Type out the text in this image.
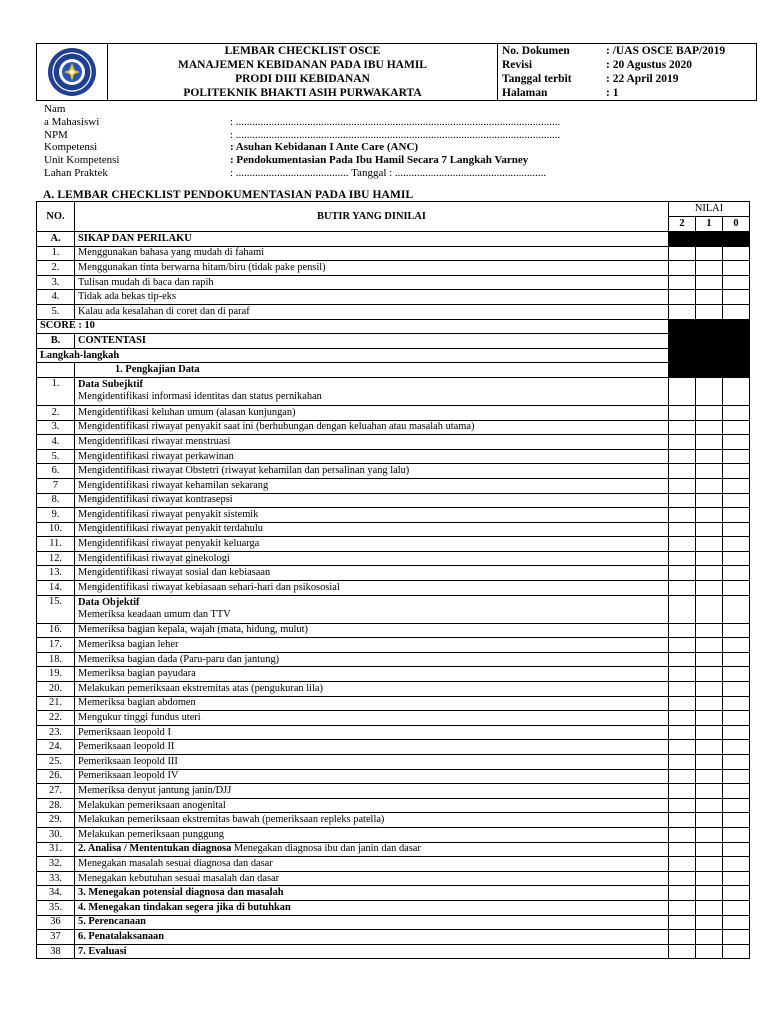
LEMBAR CHECKLIST OSCE
MANAJEMEN KEBIDANAN PADA IBU HAMIL
PRODI DIII KEBIDANAN
POLITEKNIK BHAKTI ASIH PURWAKARTA
No. Dokumen	: /UAS OSCE BAP/2019
Revisi	: 20 Agustus 2020
Tanggal terbit	: 22 April 2019
Halaman	: 1
Nam
a Mahasiswi	: ......................................................................................................................
NPM	: ......................................................................................................................
Kompetensi	: Asuhan Kebidanan I Ante Care (ANC)
Unit Kompetensi	: Pendokumentasian Pada Ibu Hamil Secara 7 Langkah Varney
Lahan Praktek	: ......................................... Tanggal : .......................................................
A. LEMBAR CHECKLIST PENDOKUMENTASIAN PADA IBU HAMIL
NO.	BUTIR YANG DINILAI	NILAI		
		2	1	0
A.	SIKAP DAN PERILAKU			
1.	Menggunakan bahasa yang mudah di fahami			
2.	Menggunakan tinta berwarna hitam/biru (tidak pake pensil)			
3.	Tulisan mudah di baca dan rapih			
4.	Tidak ada bekas tip-eks			
5.	Kalau ada kesalahan di coret dan di paraf			
SCORE : 10				
B.	CONTENTASI			
Langkah-langkah				
	1. Pengkajian Data			
1.	Data Subejktif
Mengidentifikasi informasi identitas dan status pernikahan			
2.	Mengidentifikasi keluhan umum (alasan kunjungan)			
3.	Mengidentifikasi riwayat penyakit saat ini (berhubungan dengan keluahan atau masalah utama)			
4.	Mengidentifikasi riwayat menstruasi			
5.	Mengidentifikasi riwayat perkawinan			
6.	Mengidentifikasi riwayat Obstetri (riwayat kehamilan dan persalinan yang lalu)			
7	Mengidentifikasi riwayat kehamilan sekarang			
8.	Mengidentifikasi riwayat kontrasepsi			
9.	Mengidentifikasi riwayat penyakit sistemik			
10.	Mengidentifikasi riwayat penyakit terdahulu			
11.	Mengidentifikasi riwayat penyakit keluarga			
12.	Mengidentifikasi riwayat ginekologi			
13.	Mengidentifikasi riwayat sosial dan kebiasaan			
14.	Mengidentifikasi riwayat kebiasaan sehari-hari dan psikososial			
15.	Data Objektif
Memeriksa keadaan umum dan TTV			
16.	Memeriksa bagian kepala, wajah (mata, hidung, mulut)			
17.	Memeriksa bagian leher			
18.	Memeriksa bagian dada (Paru-paru dan jantung)			
19.	Memeriksa bagian payudara			
20.	Melakukan pemeriksaan ekstremitas atas (pengukuran lila)			
21.	Memeriksa bagian abdomen			
22.	Mengukur tinggi fundus uteri			
23.	Pemeriksaan leopold I			
24.	Pemeriksaan leopold II			
25.	Pemeriksaan leopold III			
26.	Pemeriksaan leopold IV			
27.	Memeriksa denyut jantung janin/DJJ			
28.	Melakukan pemeriksaan anogenital			
29.	Melakukan pemeriksaan ekstremitas bawah (pemeriksaan repleks patella)			
30.	Melakukan pemeriksaan punggung			
31.	2. Analisa / Mententukan diagnosa Menegakan diagnosa ibu dan janin dan dasar			
32.	Menegakan masalah sesuai diagnosa dan dasar			
33.	Menegakan kebutuhan sesuai masalah dan dasar			
34.	3. Menegakan potensial diagnosa dan masalah			
35.	4. Menegakan tindakan segera jika di butuhkan			
36	5. Perencanaan			
37	6. Penatalaksanaan			
38	7. Evaluasi			
